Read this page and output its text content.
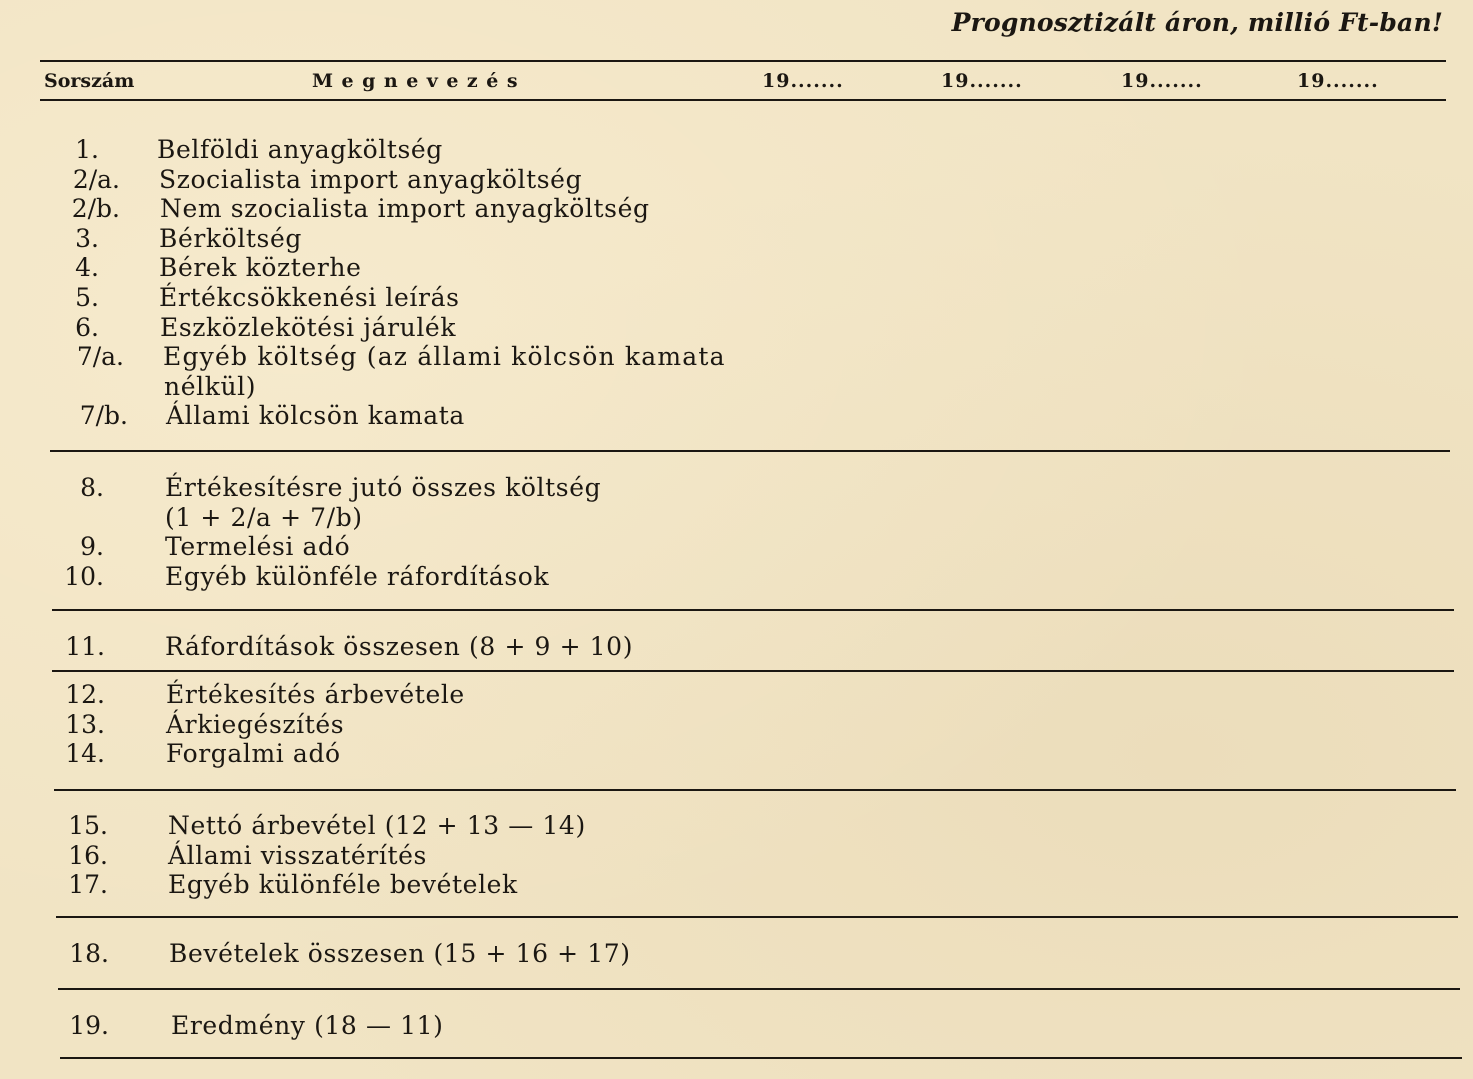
Prognosztizált áron, millió Ft-ban!
Sorszám	Megnevezés	19.......	19.......	19.......	19.......
1. Belföldi anyagköltség
2/a. Szocialista import anyagköltség
2/b. Nem szocialista import anyagköltség
3. Bérköltség
4. Bérek közterhe
5. Értékcsökkenési leírás
6. Eszközlekötési járulék
7/a. Egyéb költség (az állami kölcsön kamata
nélkül)
7/b. Állami kölcsön kamata
8. Értékesítésre jutó összes költség
(1 + 2/a + 7/b)
9. Termelési adó
10. Egyéb különféle ráfordítások
11. Ráfordítások összesen (8 + 9 + 10)
12. Értékesítés árbevétele
13. Árkiegészítés
14. Forgalmi adó
15. Nettó árbevétel (12 + 13 — 14)
16. Állami visszatérítés
17. Egyéb különféle bevételek
18. Bevételek összesen (15 + 16 + 17)
19. Eredmény (18 — 11)
